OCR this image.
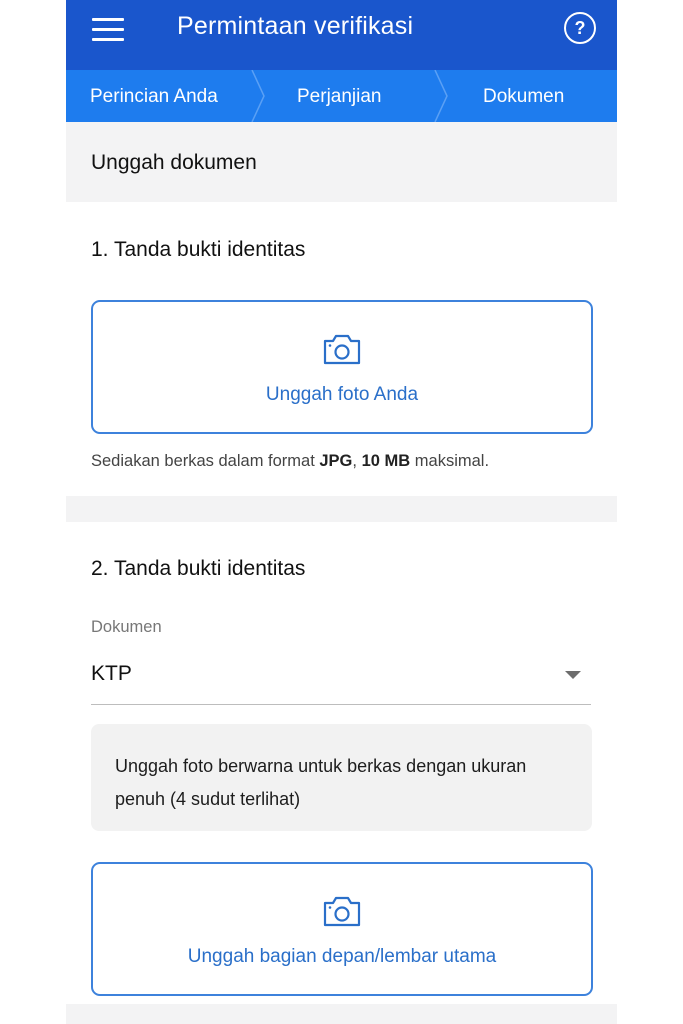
Permintaan verifikasi	?
Perincian Anda	Perjanjian	Dokumen
Unggah dokumen
1. Tanda bukti identitas
Unggah foto Anda
Sediakan berkas dalam format JPG, 10 MB maksimal.
2. Tanda bukti identitas
Dokumen
KTP
Unggah foto berwarna untuk berkas dengan ukuran penuh (4 sudut terlihat)
Unggah bagian depan/lembar utama
